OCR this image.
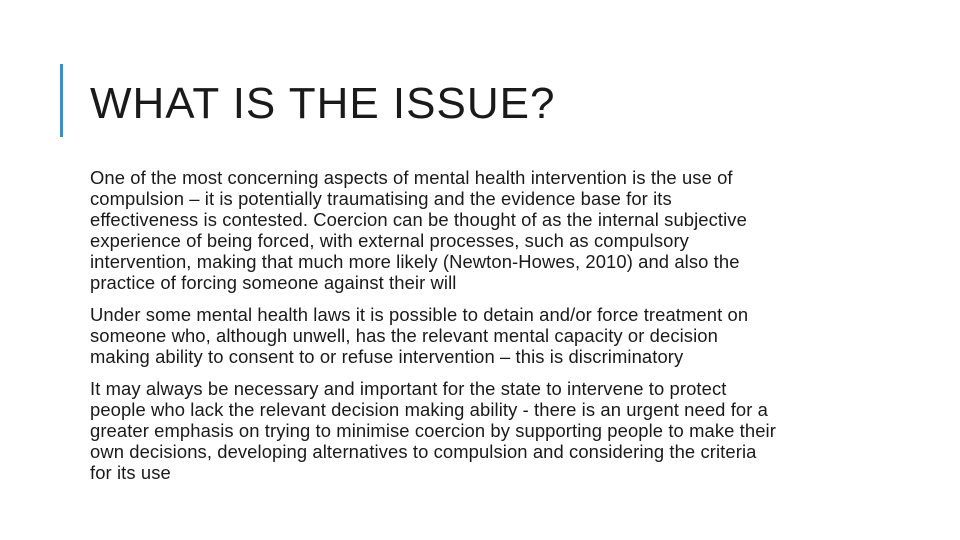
WHAT IS THE ISSUE?
One of the most concerning aspects of mental health intervention is the use of compulsion – it is potentially traumatising and the evidence base for its effectiveness is contested. Coercion can be thought of as the internal subjective experience of being forced, with external processes, such as compulsory intervention, making that much more likely (Newton-Howes, 2010) and also the practice of forcing someone against their will
Under some mental health laws it is possible to detain and/or force treatment on someone who, although unwell, has the relevant mental capacity or decision making ability to consent to or refuse intervention – this is discriminatory
It may always be necessary and important for the state to intervene to protect people who lack the relevant decision making ability - there is an urgent need for a greater emphasis on trying to minimise coercion by supporting people to make their own decisions, developing alternatives to compulsion and considering the criteria for its use
